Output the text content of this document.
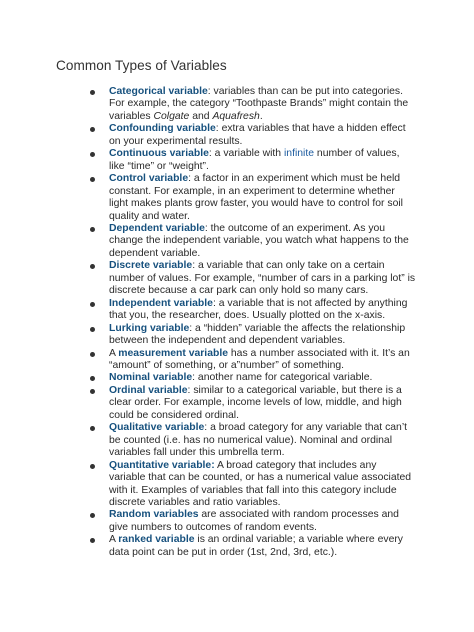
Common Types of Variables
Categorical variable: variables than can be put into categories.
For example, the category “Toothpaste Brands” might contain the
variables Colgate and Aquafresh.
Confounding variable: extra variables that have a hidden effect
on your experimental results.
Continuous variable: a variable with infinite number of values,
like “time” or “weight”.
Control variable: a factor in an experiment which must be held
constant. For example, in an experiment to determine whether
light makes plants grow faster, you would have to control for soil
quality and water.
Dependent variable: the outcome of an experiment. As you
change the independent variable, you watch what happens to the
dependent variable.
Discrete variable: a variable that can only take on a certain
number of values. For example, “number of cars in a parking lot” is
discrete because a car park can only hold so many cars.
Independent variable: a variable that is not affected by anything
that you, the researcher, does. Usually plotted on the x-axis.
Lurking variable: a “hidden” variable the affects the relationship
between the independent and dependent variables.
A measurement variable has a number associated with it. It’s an
“amount” of something, or a”number” of something.
Nominal variable: another name for categorical variable.
Ordinal variable: similar to a categorical variable, but there is a
clear order. For example, income levels of low, middle, and high
could be considered ordinal.
Qualitative variable: a broad category for any variable that can’t
be counted (i.e. has no numerical value). Nominal and ordinal
variables fall under this umbrella term.
Quantitative variable: A broad category that includes any
variable that can be counted, or has a numerical value associated
with it. Examples of variables that fall into this category include
discrete variables and ratio variables.
Random variables are associated with random processes and
give numbers to outcomes of random events.
A ranked variable is an ordinal variable; a variable where every
data point can be put in order (1st, 2nd, 3rd, etc.).
